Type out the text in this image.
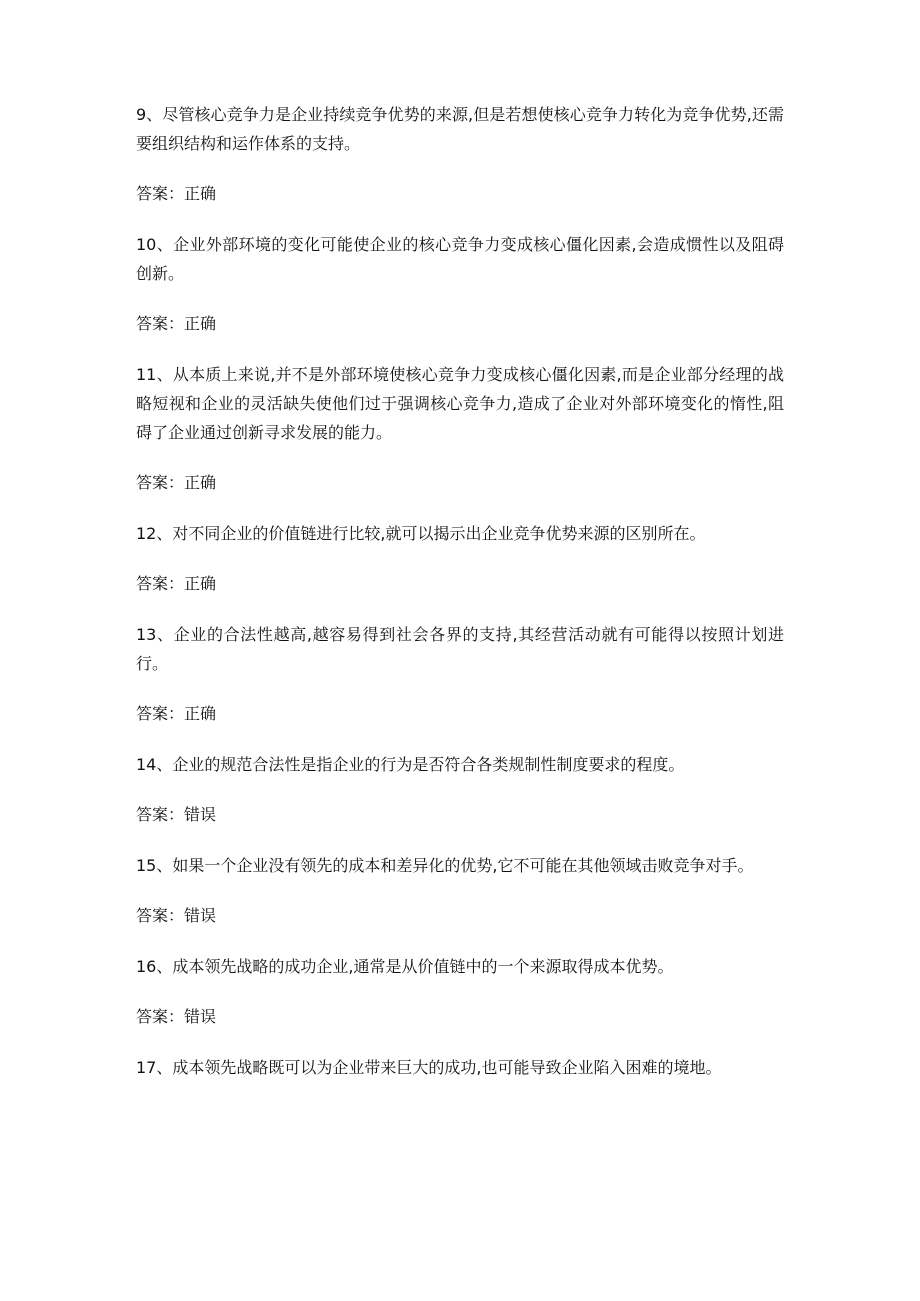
9、尽管核心竞争力是企业持续竞争优势的来源,但是若想使核心竞争力转化为竞争优势,还需要组织结构和运作体系的支持。

答案：正确

10、企业外部环境的变化可能使企业的核心竞争力变成核心僵化因素,会造成惯性以及阻碍创新。

答案：正确

11、从本质上来说,并不是外部环境使核心竞争力变成核心僵化因素,而是企业部分经理的战略短视和企业的灵活缺失使他们过于强调核心竞争力,造成了企业对外部环境变化的惰性,阻碍了企业通过创新寻求发展的能力。

答案：正确

12、对不同企业的价值链进行比较,就可以揭示出企业竞争优势来源的区别所在。

答案：正确

13、企业的合法性越高,越容易得到社会各界的支持,其经营活动就有可能得以按照计划进行。

答案：正确

14、企业的规范合法性是指企业的行为是否符合各类规制性制度要求的程度。

答案：错误

15、如果一个企业没有领先的成本和差异化的优势,它不可能在其他领域击败竞争对手。

答案：错误

16、成本领先战略的成功企业,通常是从价值链中的一个来源取得成本优势。

答案：错误

17、成本领先战略既可以为企业带来巨大的成功,也可能导致企业陷入困难的境地。
